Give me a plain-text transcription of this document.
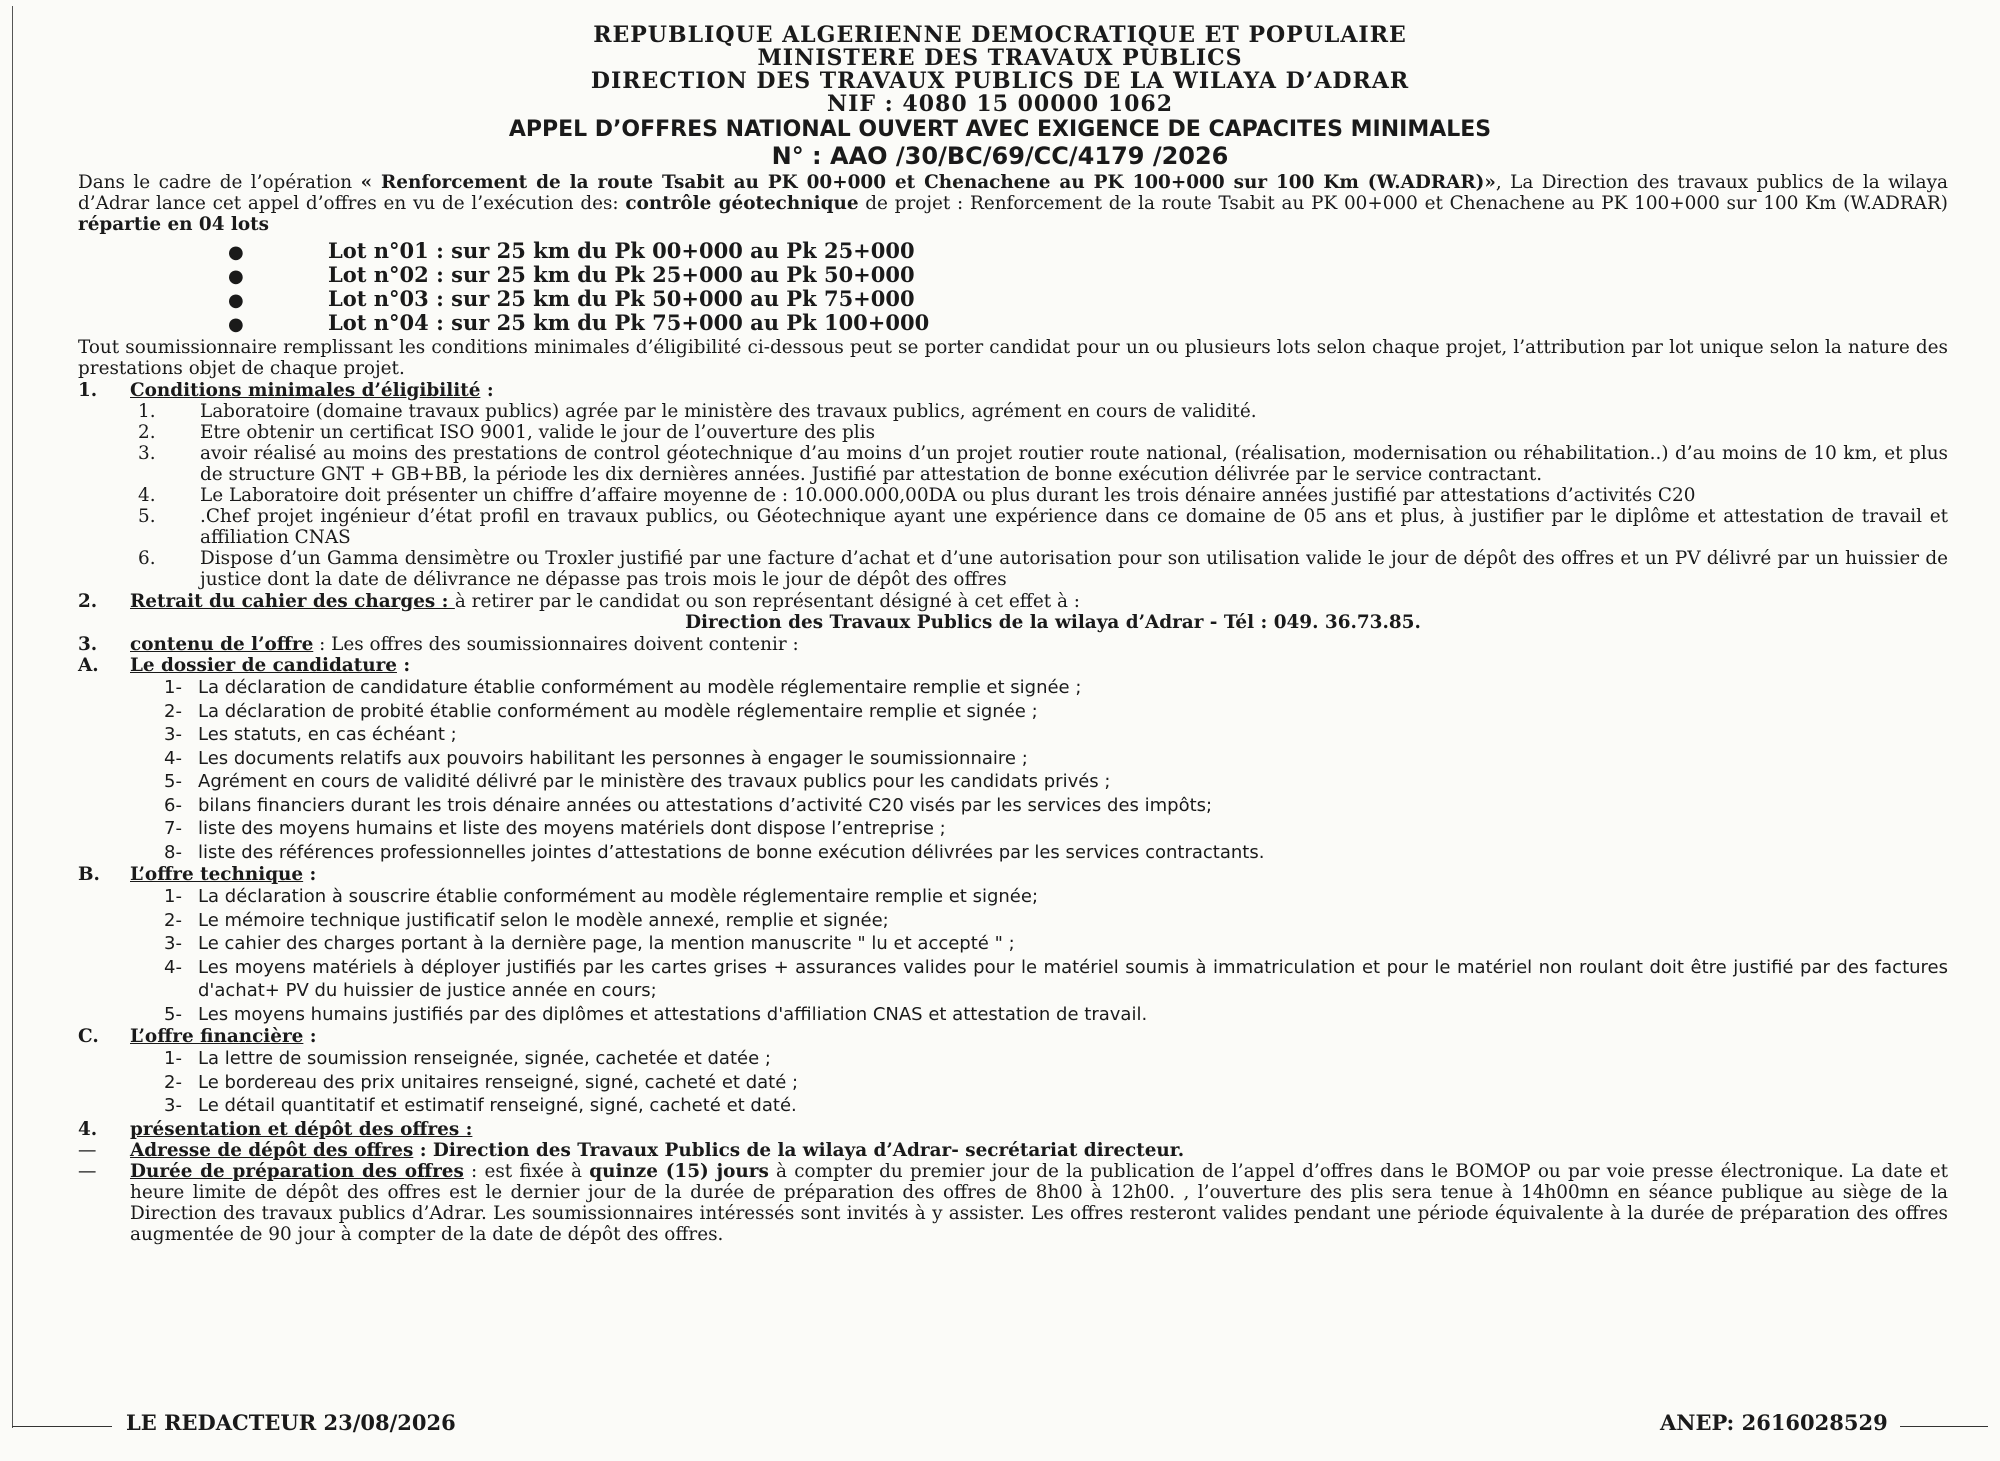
REPUBLIQUE ALGERIENNE DEMOCRATIQUE ET POPULAIRE
MINISTERE DES TRAVAUX PUBLICS
DIRECTION DES TRAVAUX PUBLICS DE LA WILAYA D’ADRAR
NIF : 4080 15 00000 1062
APPEL D’OFFRES NATIONAL OUVERT AVEC EXIGENCE DE CAPACITES MINIMALES
N° : AAO /30/BC/69/CC/4179 /2026

Dans le cadre de l’opération « Renforcement de la route Tsabit au PK 00+000 et Chenachene au PK 100+000 sur 100 Km (W.ADRAR)», La Direction des travaux publics de la wilaya d’Adrar lance cet appel d’offres en vu de l’exécution des: contrôle géotechnique de projet : Renforcement de la route Tsabit au PK 00+000 et Chenachene au PK 100+000 sur 100 Km (W.ADRAR) répartie en 04 lots

●	Lot n°01 : sur 25 km du Pk 00+000 au Pk 25+000
●	Lot n°02 : sur 25 km du Pk 25+000 au Pk 50+000
●	Lot n°03 : sur 25 km du Pk 50+000 au Pk 75+000
●	Lot n°04 : sur 25 km du Pk 75+000 au Pk 100+000

Tout soumissionnaire remplissant les conditions minimales d’éligibilité ci-dessous peut se porter candidat pour un ou plusieurs lots selon chaque projet, l’attribution par lot unique selon la nature des prestations objet de chaque projet.

1. Conditions minimales d’éligibilité :
1. Laboratoire (domaine travaux publics) agrée par le ministère des travaux publics, agrément en cours de validité.
2. Etre obtenir un certificat ISO 9001, valide le jour de l’ouverture des plis
3. avoir réalisé au moins des prestations de control géotechnique d’au moins d’un projet routier route national, (réalisation, modernisation ou réhabilitation..) d’au moins de 10 km, et plus de structure GNT + GB+BB, la période les dix dernières années. Justifié par attestation de bonne exécution délivrée par le service contractant.
4. Le Laboratoire doit présenter un chiffre d’affaire moyenne de : 10.000.000,00DA ou plus durant les trois dénaire années justifié par attestations d’activités C20
5. .Chef projet ingénieur d’état profil en travaux publics, ou Géotechnique ayant une expérience dans ce domaine de 05 ans et plus, à justifier par le diplôme et attestation de travail et affiliation CNAS
6. Dispose d’un Gamma densimètre ou Troxler justifié par une facture d’achat et d’une autorisation pour son utilisation valide le jour de dépôt des offres et un PV délivré par un huissier de justice dont la date de délivrance ne dépasse pas trois mois le jour de dépôt des offres
2. Retrait du cahier des charges : à retirer par le candidat ou son représentant désigné à cet effet à :
Direction des Travaux Publics de la wilaya d’Adrar - Tél : 049. 36.73.85.
3. contenu de l’offre : Les offres des soumissionnaires doivent contenir :
A. Le dossier de candidature :
1- La déclaration de candidature établie conformément au modèle réglementaire remplie et signée ;
2- La déclaration de probité établie conformément au modèle réglementaire remplie et signée ;
3- Les statuts, en cas échéant ;
4- Les documents relatifs aux pouvoirs habilitant les personnes à engager le soumissionnaire ;
5- Agrément en cours de validité délivré par le ministère des travaux publics pour les candidats privés ;
6- bilans financiers durant les trois dénaire années ou attestations d’activité C20 visés par les services des impôts;
7- liste des moyens humains et liste des moyens matériels dont dispose l’entreprise ;
8- liste des références professionnelles jointes d’attestations de bonne exécution délivrées par les services contractants.
B. L’offre technique :
1- La déclaration à souscrire établie conformément au modèle réglementaire remplie et signée;
2- Le mémoire technique justificatif selon le modèle annexé, remplie et signée;
3- Le cahier des charges portant à la dernière page, la mention manuscrite " lu et accepté " ;
4- Les moyens matériels à déployer justifiés par les cartes grises + assurances valides pour le matériel soumis à immatriculation et pour le matériel non roulant doit être justifié par des factures d'achat+ PV du huissier de justice année en cours;
5- Les moyens humains justifiés par des diplômes et attestations d'affiliation CNAS et attestation de travail.
C. L’offre financière :
1- La lettre de soumission renseignée, signée, cachetée et datée ;
2- Le bordereau des prix unitaires renseigné, signé, cacheté et daté ;
3- Le détail quantitatif et estimatif renseigné, signé, cacheté et daté.
4. présentation et dépôt des offres :
— Adresse de dépôt des offres : Direction des Travaux Publics de la wilaya d’Adrar- secrétariat directeur.
— Durée de préparation des offres : est fixée à quinze (15) jours à compter du premier jour de la publication de l’appel d’offres dans le BOMOP ou par voie presse électronique. La date et heure limite de dépôt des offres est le dernier jour de la durée de préparation des offres de 8h00 à 12h00. , l’ouverture des plis sera tenue à 14h00mn en séance publique au siège de la Direction des travaux publics d’Adrar. Les soumissionnaires intéressés sont invités à y assister. Les offres resteront valides pendant une période équivalente à la durée de préparation des offres augmentée de 90 jour à compter de la date de dépôt des offres.
LE REDACTEUR 23/08/2026	ANEP: 2616028529
